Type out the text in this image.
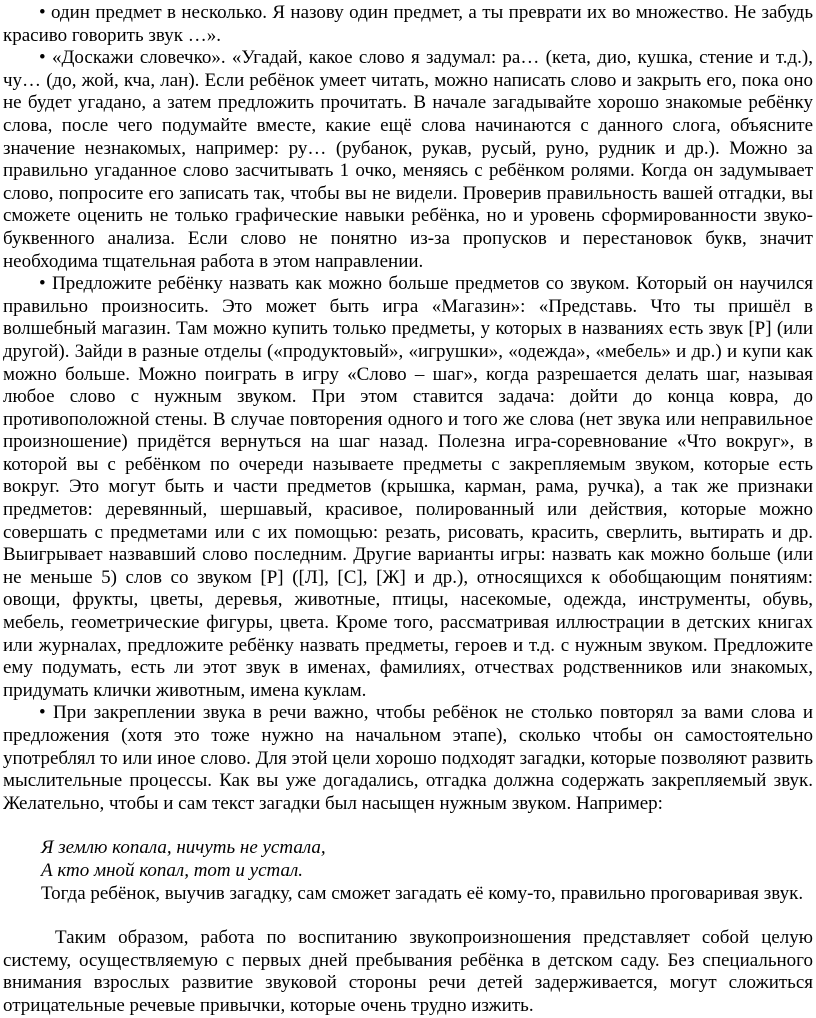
• один предмет в несколько. Я назову один предмет, а ты преврати их во множество. Не забудь красиво говорить звук …».

• «Доскажи словечко». «Угадай, какое слово я задумал: ра… (кета, дио, кушка, стение и т.д.), чу… (до, жой, кча, лан). Если ребёнок умеет читать, можно написать слово и закрыть его, пока оно не будет угадано, а затем предложить прочитать. В начале загадывайте хорошо знакомые ребёнку слова, после чего подумайте вместе, какие ещё слова начинаются с данного слога, объясните значение незнакомых, например: ру… (рубанок, рукав, русый, руно, рудник и др.). Можно за правильно угаданное слово засчитывать 1 очко, меняясь с ребёнком ролями. Когда он задумывает слово, попросите его записать так, чтобы вы не видели. Проверив правильность вашей отгадки, вы сможете оценить не только графические навыки ребёнка, но и уровень сформированности звуко-буквенного анализа. Если слово не понятно из-за пропусков и перестановок букв, значит необходима тщательная работа в этом направлении.

• Предложите ребёнку назвать как можно больше предметов со звуком. Который он научился правильно произносить. Это может быть игра «Магазин»: «Представь. Что ты пришёл в волшебный магазин. Там можно купить только предметы, у которых в названиях есть звук [Р] (или другой). Зайди в разные отделы («продуктовый», «игрушки», «одежда», «мебель» и др.) и купи как можно больше. Можно поиграть в игру «Слово – шаг», когда разрешается делать шаг, называя любое слово с нужным звуком. При этом ставится задача: дойти до конца ковра, до противоположной стены. В случае повторения одного и того же слова (нет звука или неправильное произношение) придётся вернуться на шаг назад. Полезна игра-соревнование «Что вокруг», в которой вы с ребёнком по очереди называете предметы с закрепляемым звуком, которые есть вокруг. Это могут быть и части предметов (крышка, карман, рама, ручка), а так же признаки предметов: деревянный, шершавый, красивое, полированный или действия, которые можно совершать с предметами или с их помощью: резать, рисовать, красить, сверлить, вытирать и др. Выигрывает назвавший слово последним. Другие варианты игры: назвать как можно больше (или не меньше 5) слов со звуком [Р] ([Л], [С], [Ж] и др.), относящихся к обобщающим понятиям: овощи, фрукты, цветы, деревья, животные, птицы, насекомые, одежда, инструменты, обувь, мебель, геометрические фигуры, цвета. Кроме того, рассматривая иллюстрации в детских книгах или журналах, предложите ребёнку назвать предметы, героев и т.д. с нужным звуком. Предложите ему подумать, есть ли этот звук в именах, фамилиях, отчествах родственников или знакомых, придумать клички животным, имена куклам.

• При закреплении звука в речи важно, чтобы ребёнок не столько повторял за вами слова и предложения (хотя это тоже нужно на начальном этапе), сколько чтобы он самостоятельно употреблял то или иное слово. Для этой цели хорошо подходят загадки, которые позволяют развить мыслительные процессы. Как вы уже догадались, отгадка должна содержать закрепляемый звук. Желательно, чтобы и сам текст загадки был насыщен нужным звуком. Например:

Я землю копала, ничуть не устала,

А кто мной копал, тот и устал.

Тогда ребёнок, выучив загадку, сам сможет загадать её кому-то, правильно проговаривая звук.

Таким образом, работа по воспитанию звукопроизношения представляет собой целую систему, осуществляемую с первых дней пребывания ребёнка в детском саду. Без специального внимания взрослых развитие звуковой стороны речи детей задерживается, могут сложиться отрицательные речевые привычки, которые очень трудно изжить.
